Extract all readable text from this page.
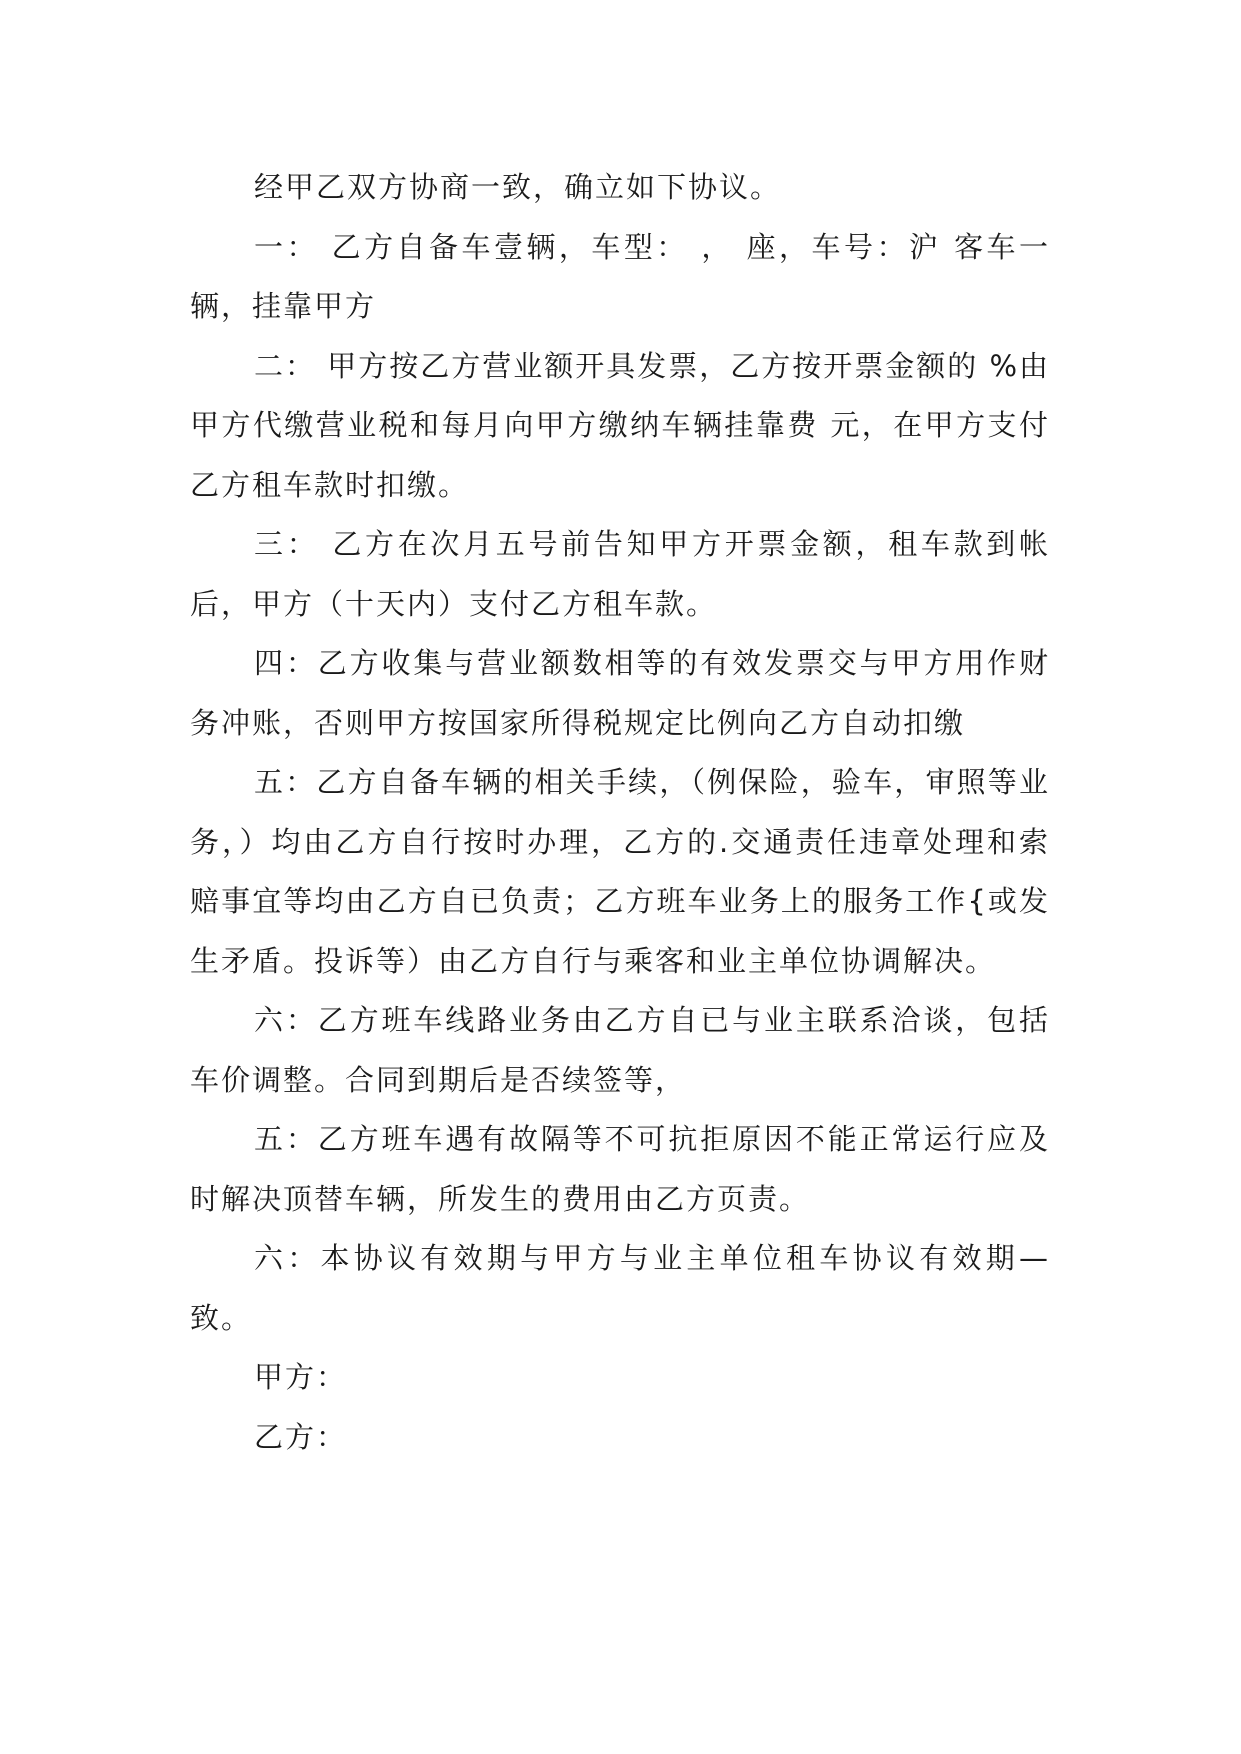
经甲乙双方协商一致，确立如下协议。

一： 乙方自备车壹辆，车型： ， 座，车号：沪 客车一辆，挂靠甲方

二： 甲方按乙方营业额开具发票，乙方按开票金额的 %由甲方代缴营业税和每月向甲方缴纳车辆挂靠费 元，在甲方支付乙方租车款时扣缴。

三： 乙方在次月五号前告知甲方开票金额，租车款到帐后，甲方（十天内）支付乙方租车款。

四：乙方收集与营业额数相等的有效发票交与甲方用作财务冲账，否则甲方按国家所得税规定比例向乙方自动扣缴

五：乙方自备车辆的相关手续，（例保险，验车，审照等业务，）均由乙方自行按时办理，乙方的.交通责任违章处理和索赔事宜等均由乙方自已负责；乙方班车业务上的服务工作{或发生矛盾。投诉等）由乙方自行与乘客和业主单位协调解决。

六：乙方班车线路业务由乙方自已与业主联系洽谈，包括车价调整。合同到期后是否续签等，

五：乙方班车遇有故隔等不可抗拒原因不能正常运行应及时解决顶替车辆，所发生的费用由乙方页责。

六：本协议有效期与甲方与业主单位租车协议有效期—致。

甲方：

乙方：
